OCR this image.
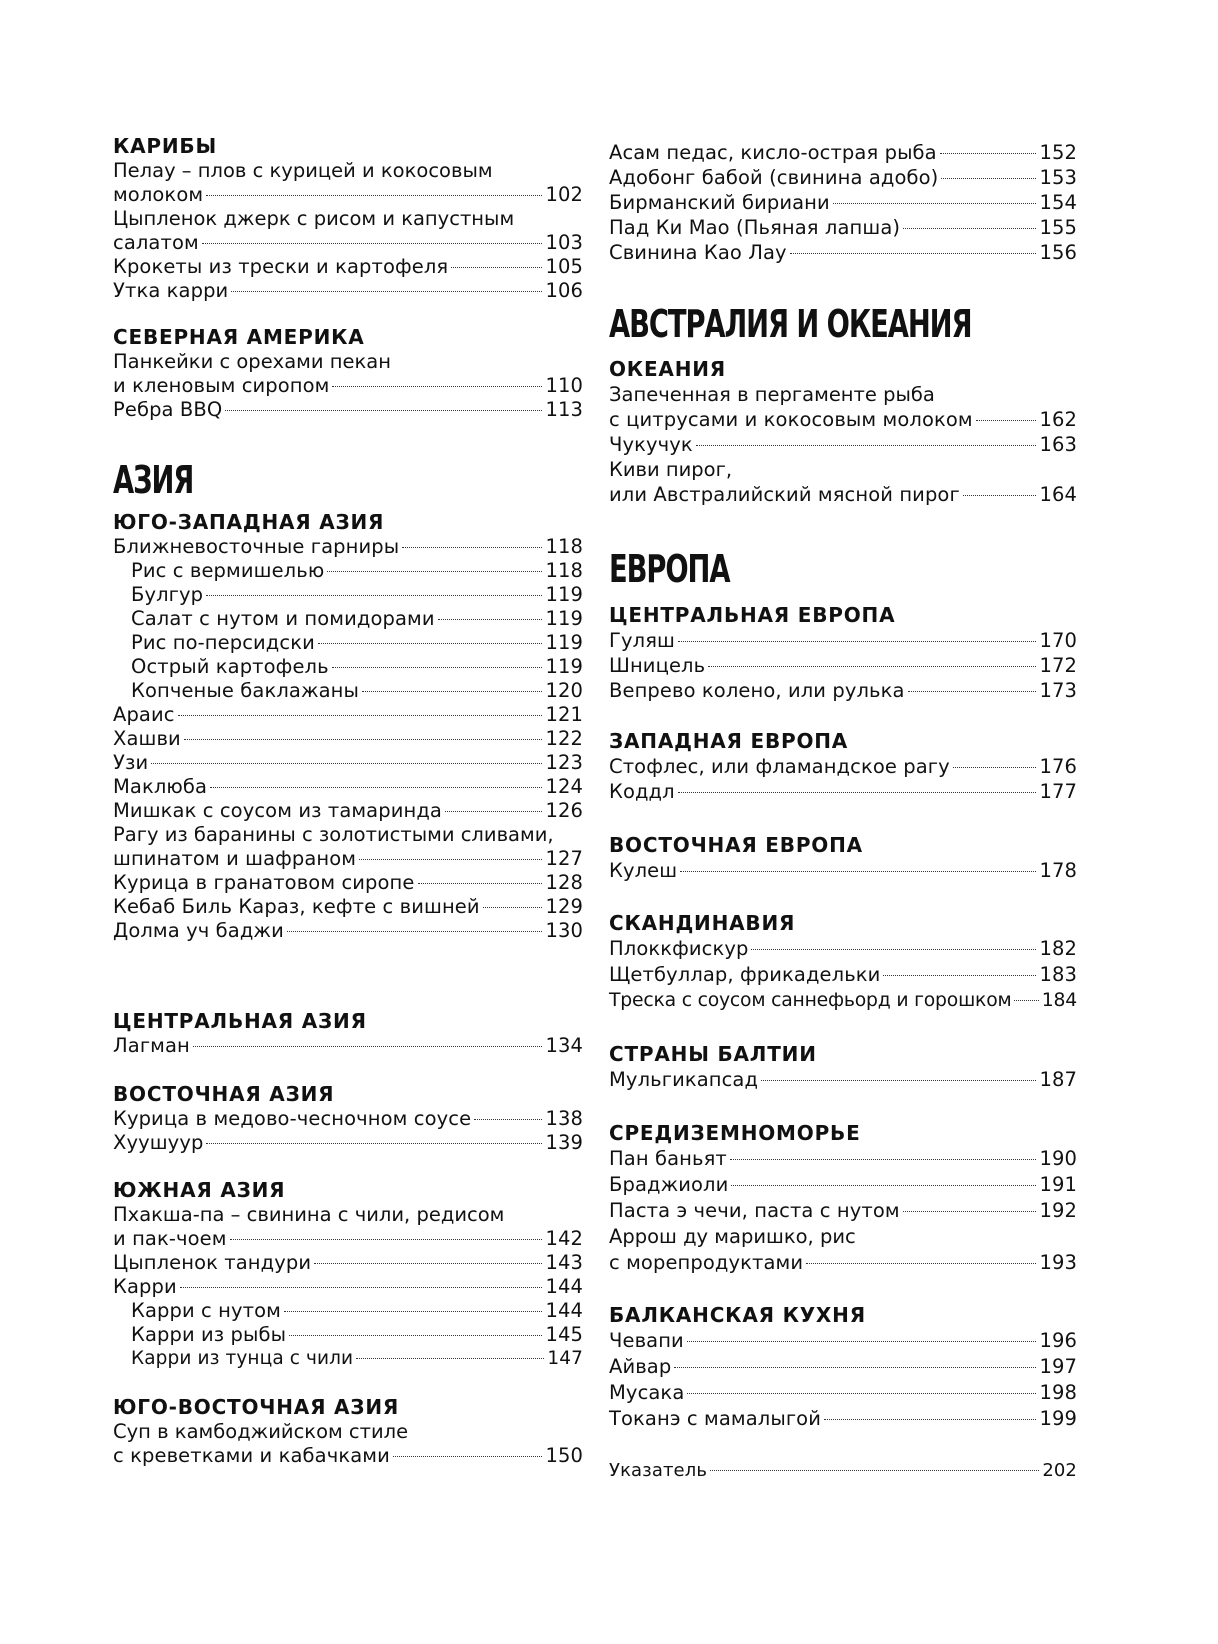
КАРИБЫ
Пелау – плов с курицей и кокосовым
молоком	102
Цыпленок джерк с рисом и капустным
салатом	103
Крокеты из трески и картофеля	105
Утка карри	106
СЕВЕРНАЯ АМЕРИКА
Панкейки с орехами пекан
и кленовым сиропом	110
Ребра BBQ	113
АЗИЯ
ЮГО-ЗАПАДНАЯ АЗИЯ
Ближневосточные гарниры	118
Рис с вермишелью	118
Булгур	119
Салат с нутом и помидорами	119
Рис по-персидски	119
Острый картофель	119
Копченые баклажаны	120
Араис	121
Хашви	122
Узи	123
Маклюба	124
Мишкак с соусом из тамаринда	126
Рагу из баранины с золотистыми сливами,
шпинатом и шафраном	127
Курица в гранатовом сиропе	128
Кебаб Биль Караз, кефте с вишней	129
Долма уч баджи	130
ЦЕНТРАЛЬНАЯ АЗИЯ
Лагман	134
ВОСТОЧНАЯ АЗИЯ
Курица в медово-чесночном соусе	138
Хуушуур	139
ЮЖНАЯ АЗИЯ
Пхакша-па – свинина с чили, редисом
и пак-чоем	142
Цыпленок тандури	143
Карри	144
Карри с нутом	144
Карри из рыбы	145
Карри из тунца с чили	147
ЮГО-ВОСТОЧНАЯ АЗИЯ
Суп в камбоджийском стиле
с креветками и кабачками	150
Асам педас, кисло-острая рыба	152
Адобонг бабой (свинина адобо)	153
Бирманский бириани	154
Пад Ки Мао (Пьяная лапша)	155
Свинина Као Лау	156
АВСТРАЛИЯ И ОКЕАНИЯ
ОКЕАНИЯ
Запеченная в пергаменте рыба
с цитрусами и кокосовым молоком	162
Чукучук	163
Киви пирог,
или Австралийский мясной пирог	164
ЕВРОПА
ЦЕНТРАЛЬНАЯ ЕВРОПА
Гуляш	170
Шницель	172
Вепрево колено, или рулька	173
ЗАПАДНАЯ ЕВРОПА
Стофлес, или фламандское рагу	176
Коддл	177
ВОСТОЧНАЯ ЕВРОПА
Кулеш	178
СКАНДИНАВИЯ
Плоккфискур	182
Щетбуллар, фрикадельки	183
Треска с соусом саннефьорд и горошком 184
СТРАНЫ БАЛТИИ
Мульгикапсад	187
СРЕДИЗЕМНОМОРЬЕ
Пан баньят	190
Браджиоли	191
Паста э чечи, паста с нутом	192
Аррош ду маришко, рис
с морепродуктами	193
БАЛКАНСКАЯ КУХНЯ
Чевапи	196
Айвар	197
Мусака	198
Токанэ с мамалыгой	199
Указатель	202
